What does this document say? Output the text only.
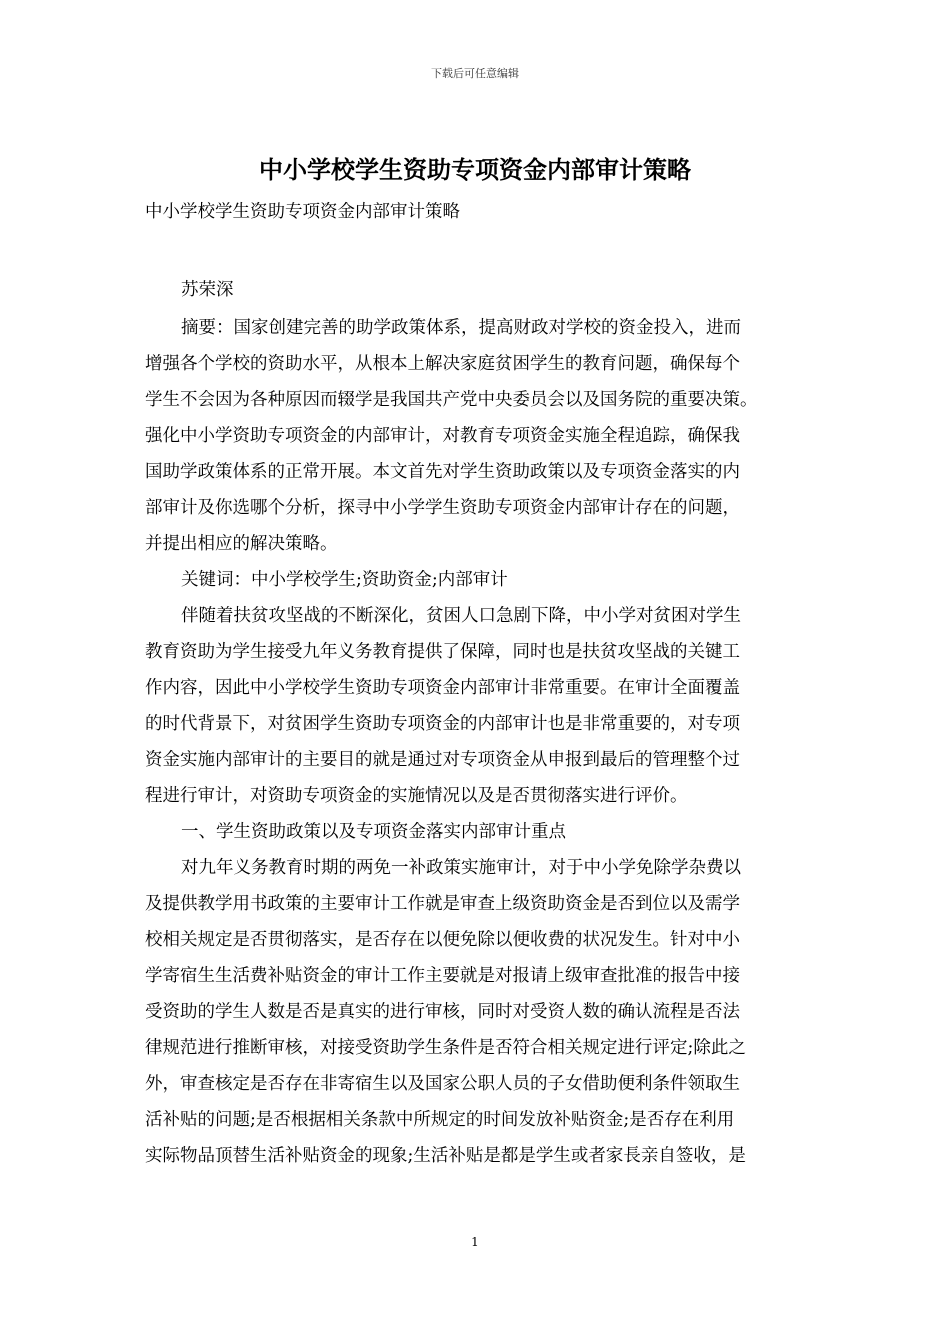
下载后可任意编辑
中小学校学生资助专项资金内部审计策略
中小学校学生资助专项资金内部审计策略
苏荣深
摘要：国家创建完善的助学政策体系，提高财政对学校的资金投入，进而
增强各个学校的资助水平，从根本上解决家庭贫困学生的教育问题，确保每个
学生不会因为各种原因而辍学是我国共产党中央委员会以及国务院的重要决策。
强化中小学资助专项资金的内部审计，对教育专项资金实施全程追踪，确保我
国助学政策体系的正常开展。本文首先对学生资助政策以及专项资金落实的内
部审计及你选哪个分析，探寻中小学学生资助专项资金内部审计存在的问题，
并提出相应的解决策略。
关键词：中小学校学生;资助资金;内部审计
伴随着扶贫攻坚战的不断深化，贫困人口急剧下降，中小学对贫困对学生
教育资助为学生接受九年义务教育提供了保障，同时也是扶贫攻坚战的关键工
作内容，因此中小学校学生资助专项资金内部审计非常重要。在审计全面覆盖
的时代背景下，对贫困学生资助专项资金的内部审计也是非常重要的，对专项
资金实施内部审计的主要目的就是通过对专项资金从申报到最后的管理整个过
程进行审计，对资助专项资金的实施情况以及是否贯彻落实进行评价。
一、学生资助政策以及专项资金落实内部审计重点
对九年义务教育时期的两免一补政策实施审计，对于中小学免除学杂费以
及提供教学用书政策的主要审计工作就是审查上级资助资金是否到位以及需学
校相关规定是否贯彻落实，是否存在以便免除以便收费的状况发生。针对中小
学寄宿生生活费补贴资金的审计工作主要就是对报请上级审查批准的报告中接
受资助的学生人数是否是真实的进行审核，同时对受资人数的确认流程是否法
律规范进行推断审核，对接受资助学生条件是否符合相关规定进行评定;除此之
外，审查核定是否存在非寄宿生以及国家公职人员的子女借助便利条件领取生
活补贴的问题;是否根据相关条款中所规定的时间发放补贴资金;是否存在利用
实际物品顶替生活补贴资金的现象;生活补贴是都是学生或者家長亲自签收，是
1
